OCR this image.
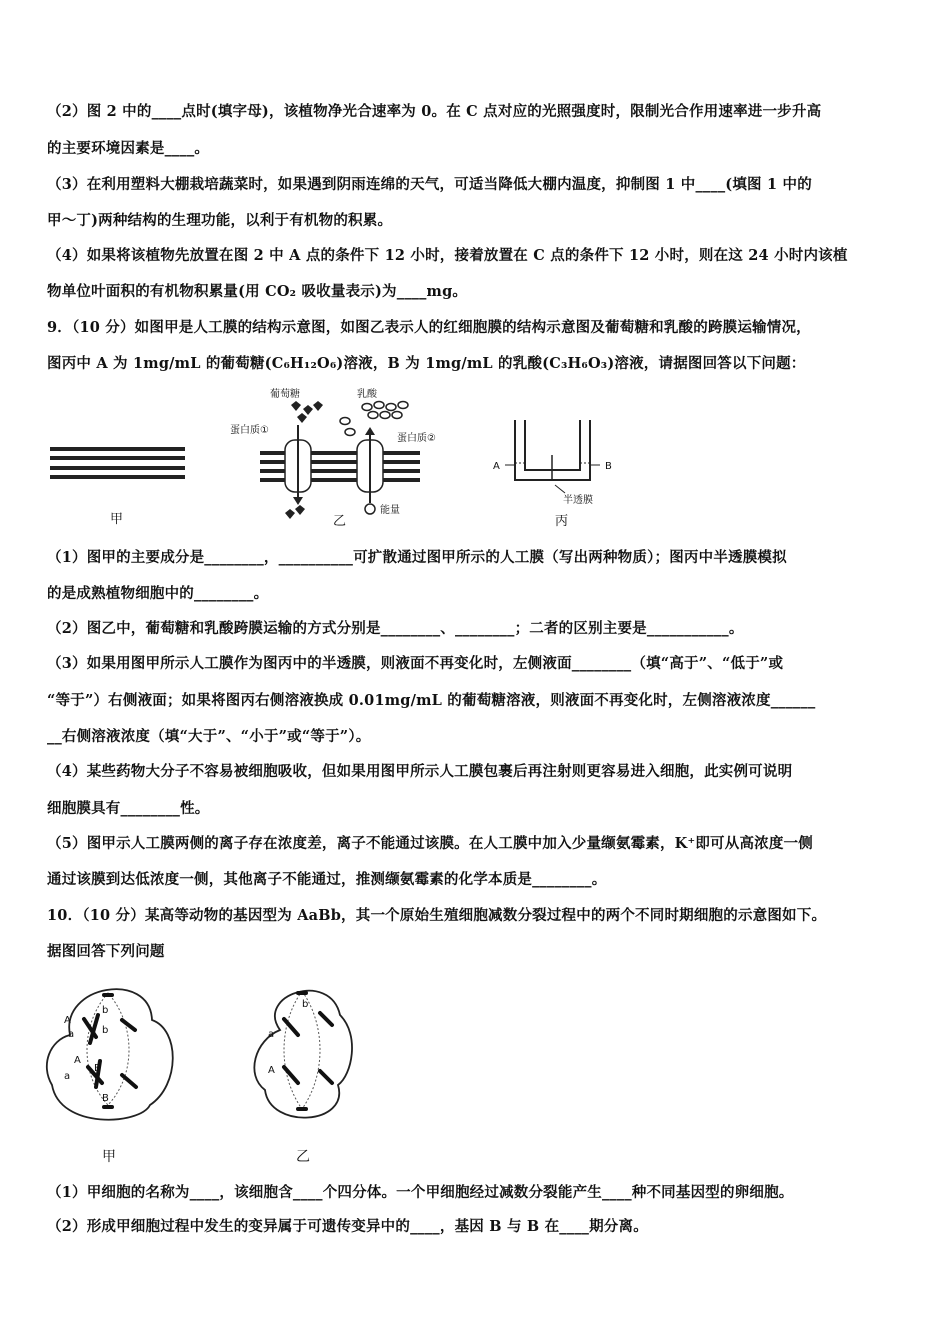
（2）图 2 中的____点时(填字母)，该植物净光合速率为 0。在 C 点对应的光照强度时，限制光合作用速率进一步升高
的主要环境因素是____。
（3）在利用塑料大棚栽培蔬菜时，如果遇到阴雨连绵的天气，可适当降低大棚内温度，抑制图 1 中____(填图 1 中的
甲～丁)两种结构的生理功能，以利于有机物的积累。
（4）如果将该植物先放置在图 2 中 A 点的条件下 12 小时，接着放置在 C 点的条件下 12 小时，则在这 24 小时内该植
物单位叶面积的有机物积累量(用 CO₂ 吸收量表示)为____mg。
9．（10 分）如图甲是人工膜的结构示意图，如图乙表示人的红细胞膜的结构示意图及葡萄糖和乳酸的跨膜运输情况，
图丙中 A 为 1mg/mL 的葡萄糖(C₆H₁₂O₆)溶液，B 为 1mg/mL 的乳酸(C₃H₆O₃)溶液，请据图回答以下问题：
葡萄糖	乳酸
蛋白质①
蛋白质②
能量
A	B
半透膜
甲	乙	丙
（1）图甲的主要成分是________，__________可扩散通过图甲所示的人工膜（写出两种物质）；图丙中半透膜模拟
的是成熟植物细胞中的________。
（2）图乙中，葡萄糖和乳酸跨膜运输的方式分别是________、________；二者的区别主要是___________。
（3）如果用图甲所示人工膜作为图丙中的半透膜，则液面不再变化时，左侧液面________（填“高于”、“低于”或
“等于”）右侧液面；如果将图丙右侧溶液换成 0.01mg/mL 的葡萄糖溶液，则液面不再变化时，左侧溶液浓度______
__右侧溶液浓度（填“大于”、“小于”或“等于”）。
（4）某些药物大分子不容易被细胞吸收，但如果用图甲所示人工膜包裹后再注射则更容易进入细胞，此实例可说明
细胞膜具有________性。
（5）图甲示人工膜两侧的离子存在浓度差，离子不能通过该膜。在人工膜中加入少量缬氨霉素，K⁺即可从高浓度一侧
通过该膜到达低浓度一侧，其他离子不能通过，推测缬氨霉素的化学本质是________。
10．（10 分）某高等动物的基因型为 AaBb，其一个原始生殖细胞减数分裂过程中的两个不同时期细胞的示意图如下。
据图回答下列问题
A
b
a	b
A
B
a
B
b
a
A
甲	乙
（1）甲细胞的名称为____，该细胞含____个四分体。一个甲细胞经过减数分裂能产生____种不同基因型的卵细胞。
（2）形成甲细胞过程中发生的变异属于可遗传变异中的____，基因 B 与 B 在____期分离。
